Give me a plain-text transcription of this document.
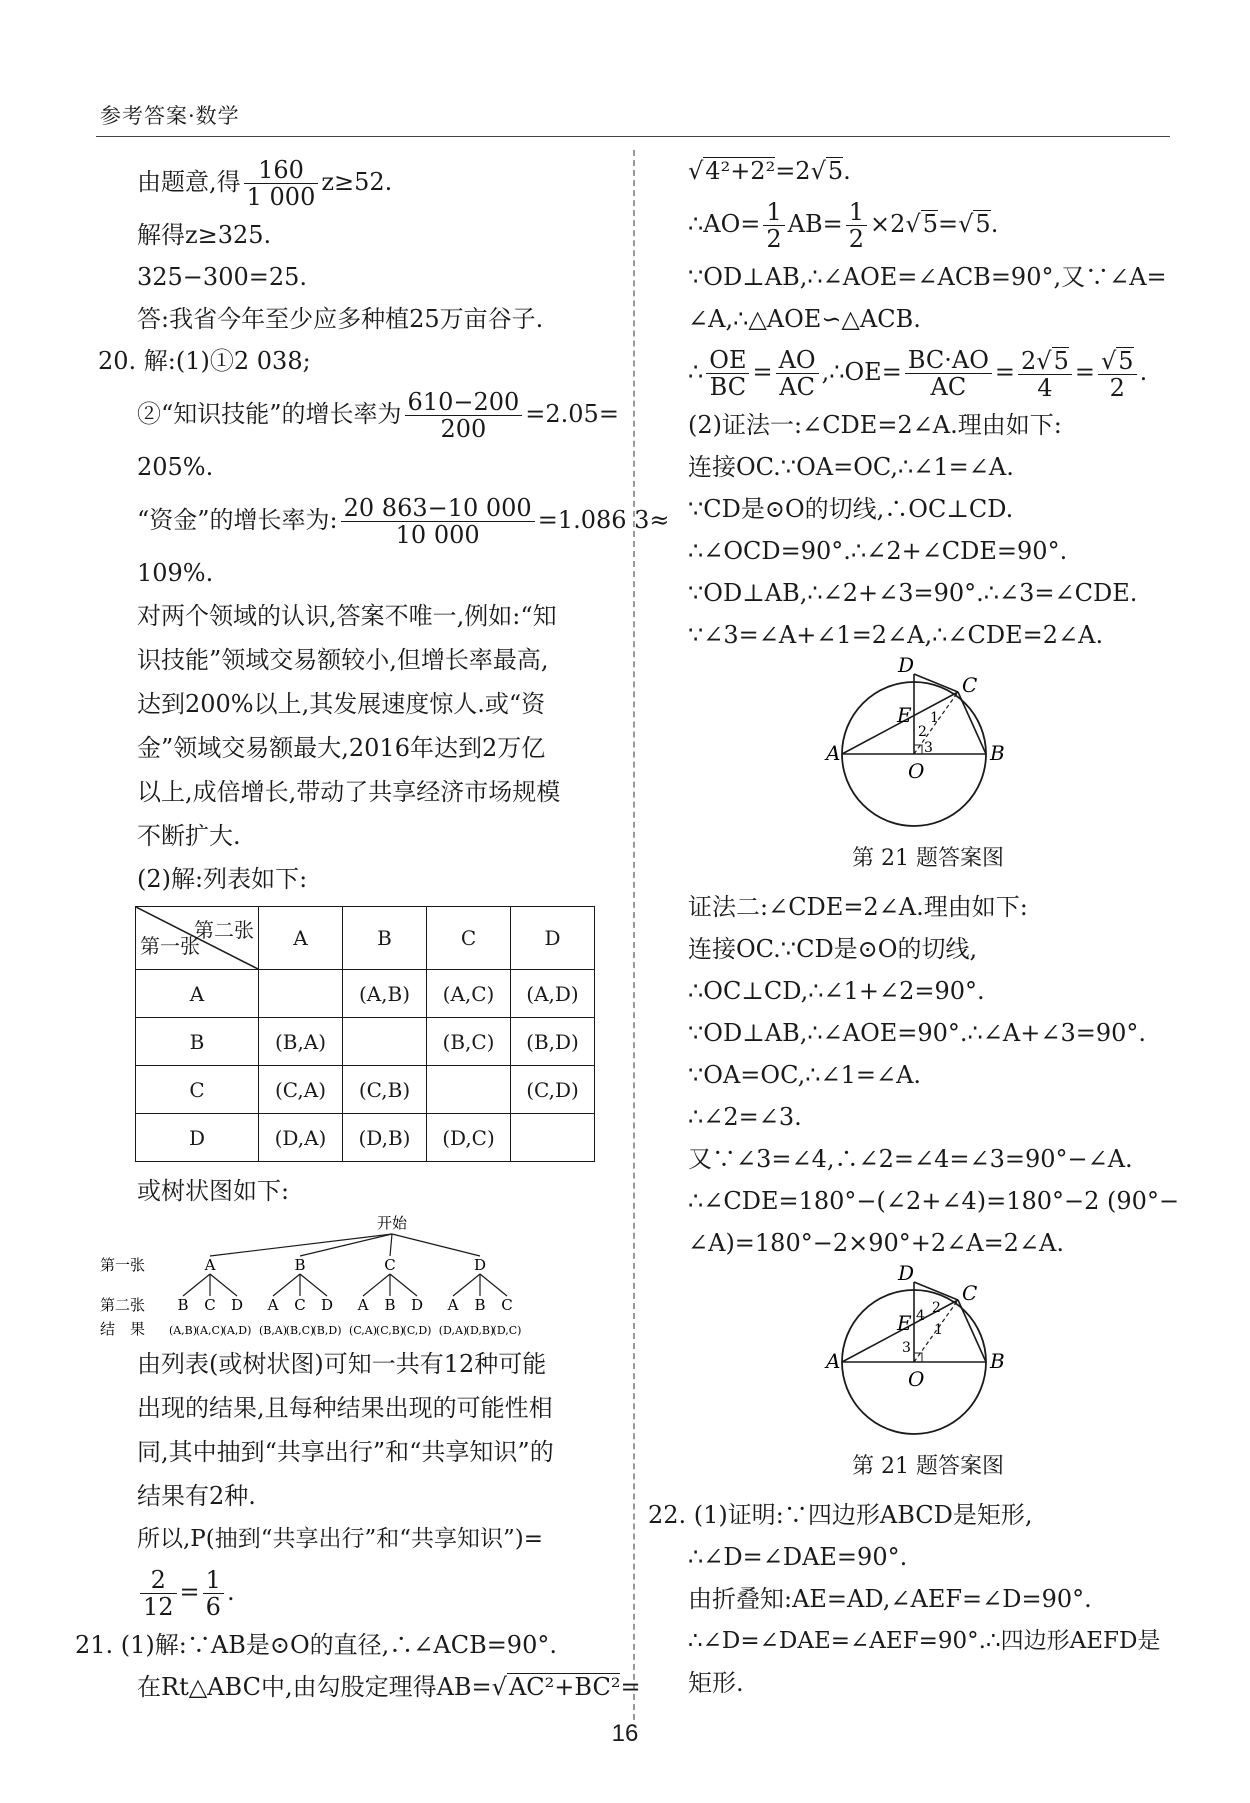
参考答案·数学

由题意,得 $\frac{160}{1 000} z\ge 52$.

解得z≥325.

325−300=25.

答:我省今年至少应多种植25万亩谷子.

20. 解:(1)①2 038;

②“知识技能”的增长率为 $\frac{610-200}{200} =2.05=$

205%.

“资金”的增长率为: $\frac{20 863-10 000}{10 000} =1.086$ 3≈

109%.

对两个领域的认识,答案不唯一,例如:“知识技能”领域交易额较小,但增长率最高,达到200%以上,其发展速度惊人.或“资金”领域交易额最大,2016年达到2万亿以上,成倍增长,带动了共享经济市场规模不断扩大.

(2)解:列表如下:

第二张
第一张	A	B	C	D
A		(A,B)	(A,C)	(A,D)
B	(B,A)		(B,C)	(B,D)
C	(C,A)	(C,B)		(C,D)
D	(D,A)	(D,B)	(D,C)	

或树状图如下:

开始
第一张
第二张
结　果
A
B
(A,B)
C
(A,C)
D
(A,D)
B
A
(B,A)
C
(B,C)
D
(B,D)
C
A
(C,A)
B
(C,B)
D
(C,D)
D
A
(D,A)
B
(D,B)
C
(D,C)

由列表(或树状图)可知一共有12种可能出现的结果,且每种结果出现的可能性相同,其中抽到“共享出行”和“共享知识”的结果有2种.

所以,P(抽到“共享出行”和“共享知识”)=

$\frac{2}{12} = \frac{1}{6}$ .

21. (1)解:∵AB是⊙O的直径,∴∠ACB=90°.

在Rt△ABC中,由勾股定理得AB=√AC²+BC²=

√4²+2²=2√5.

∴AO= $\frac{1}{2} AB= \frac{1}{2} \times 2√5=√5$.

∵OD⊥AB,∴∠AOE=∠ACB=90°,又∵∠A=

∠A,∴△AOE∽△ACB.

∴ $\frac{OE}{BC} = \frac{AO}{AC}$ ,∴OE= $\frac{BC\cdot AO}{AC} = \frac{2√5}{4} = \frac{√5}{2}$ .

(2)证法一:∠CDE=2∠A.理由如下:

连接OC.∵OA=OC,∴∠1=∠A.

∵CD是⊙O的切线,∴OC⊥CD.

∴∠OCD=90°.∴∠2+∠CDE=90°.

∵OD⊥AB,∴∠2+∠3=90°.∴∠3=∠CDE.

∵∠3=∠A+∠1=2∠A,∴∠CDE=2∠A.

D
C
E
A	B
O
1
2
3
第 21 题答案图

证法二:∠CDE=2∠A.理由如下:

连接OC.∵CD是⊙O的切线,

∴OC⊥CD,∴∠1+∠2=90°.

∵OD⊥AB,∴∠AOE=90°.∴∠A+∠3=90°.

∵OA=OC,∴∠1=∠A.

∴∠2=∠3.

又∵∠3=∠4,∴∠2=∠4=∠3=90°−∠A.

∴∠CDE=180°−(∠2+∠4)=180°−2 (90°−

∠A)=180°−2×90°+2∠A=2∠A.

D
C
E
A	B
O
4 2
1
3
第 21 题答案图

22. (1)证明:∵四边形ABCD是矩形,

∴∠D=∠DAE=90°.

由折叠知:AE=AD,∠AEF=∠D=90°.

∴∠D=∠DAE=∠AEF=90°.∴四边形AEFD是

矩形.

16
